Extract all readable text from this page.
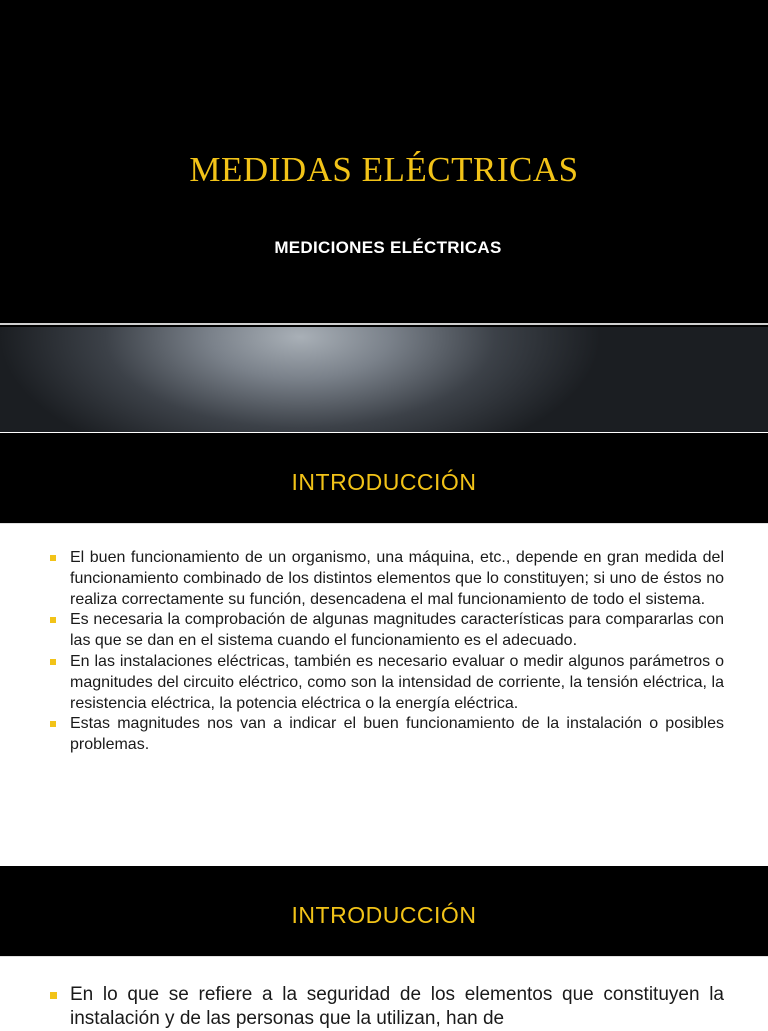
MEDIDAS ELÉCTRICAS
MEDICIONES ELÉCTRICAS
INTRODUCCIÓN
El buen funcionamiento de un organismo, una máquina, etc., depende en gran medida del funcionamiento combinado de los distintos elementos que lo constituyen; si uno de éstos no realiza correctamente su función, desencadena el mal funcionamiento de todo el sistema.
Es necesaria la comprobación de algunas magnitudes características para compararlas con las que se dan en el sistema cuando el funcionamiento es el adecuado.
En las instalaciones eléctricas, también es necesario evaluar o medir algunos parámetros o magnitudes del circuito eléctrico, como son la intensidad de corriente, la tensión eléctrica, la resistencia eléctrica, la potencia eléctrica o la energía eléctrica.
Estas magnitudes nos van a indicar el buen funcionamiento de la instalación o posibles problemas.
INTRODUCCIÓN
En lo que se refiere a la seguridad de los elementos que constituyen la instalación y de las personas que la utilizan, han de
